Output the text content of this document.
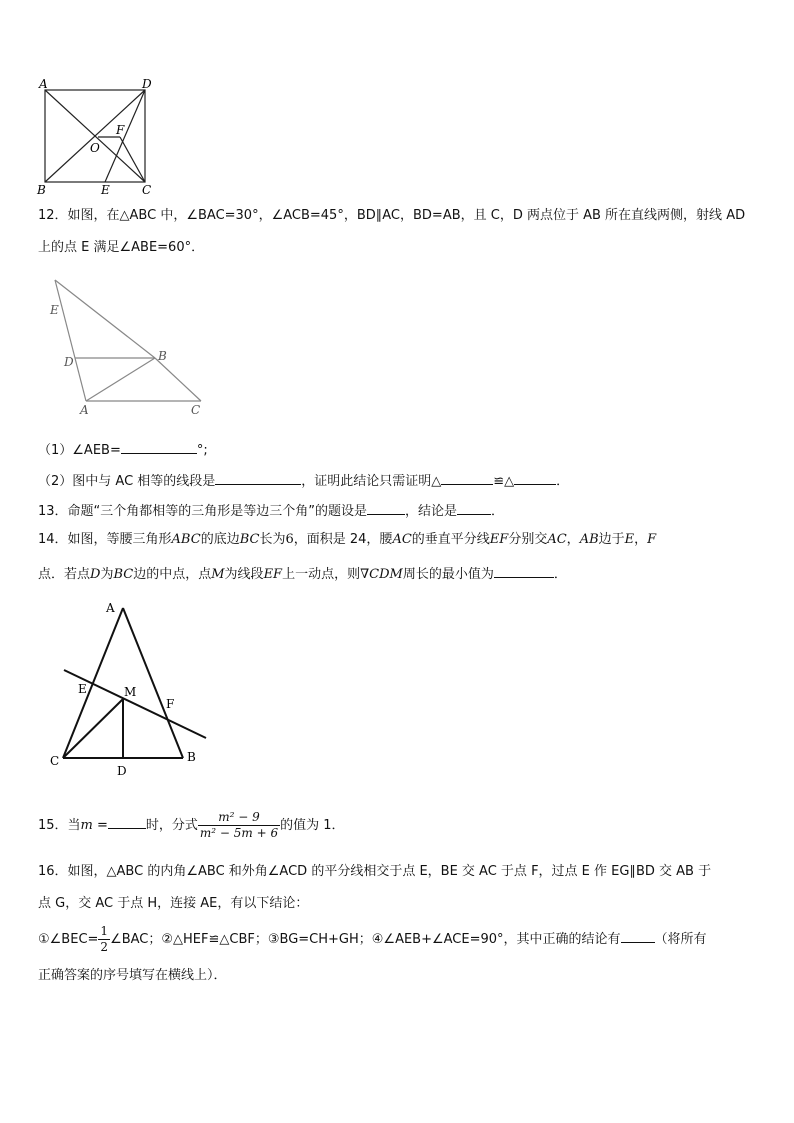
A	D
F
O
B	E	C
12．如图，在△ABC 中，∠BAC=30°，∠ACB=45°，BD∥AC，BD=AB，且 C，D 两点位于 AB 所在直线两侧，射线 AD
上的点 E 满足∠ABE=60°．
E
D	B
A	C
（1）∠AEB=	°;
（2）图中与 AC 相等的线段是	，证明此结论只需证明△	≌△	．
13．命题“三个角都相等的三角形是等边三个角”的题设是	，结论是	．
14．如图，等腰三角形ABC的底边BC长为6，面积是 24，腰AC的垂直平分线EF分别交AC，AB边于E，F
点．若点D为BC边的中点，点M为线段EF上一动点，则∇CDM周长的最小值为	．
A
E	M
F
C
D
B
15．当m =	时，分式 $\frac{\text{m² − 9}}{\text{m² − 5m + 6}}$ 的值为 1．
16．如图，△ABC 的内角∠ABC 和外角∠ACD 的平分线相交于点 E，BE 交 AC 于点 F，过点 E 作 EG∥BD 交 AB 于
点 G，交 AC 于点 H，连接 AE，有以下结论：
①∠BEC= $\frac{1}{2}$ ∠BAC；②△HEF≌△CBF；③BG=CH+GH；④∠AEB+∠ACE=90°，其中正确的结论有	（将所有
正确答案的序号填写在横线上）．
